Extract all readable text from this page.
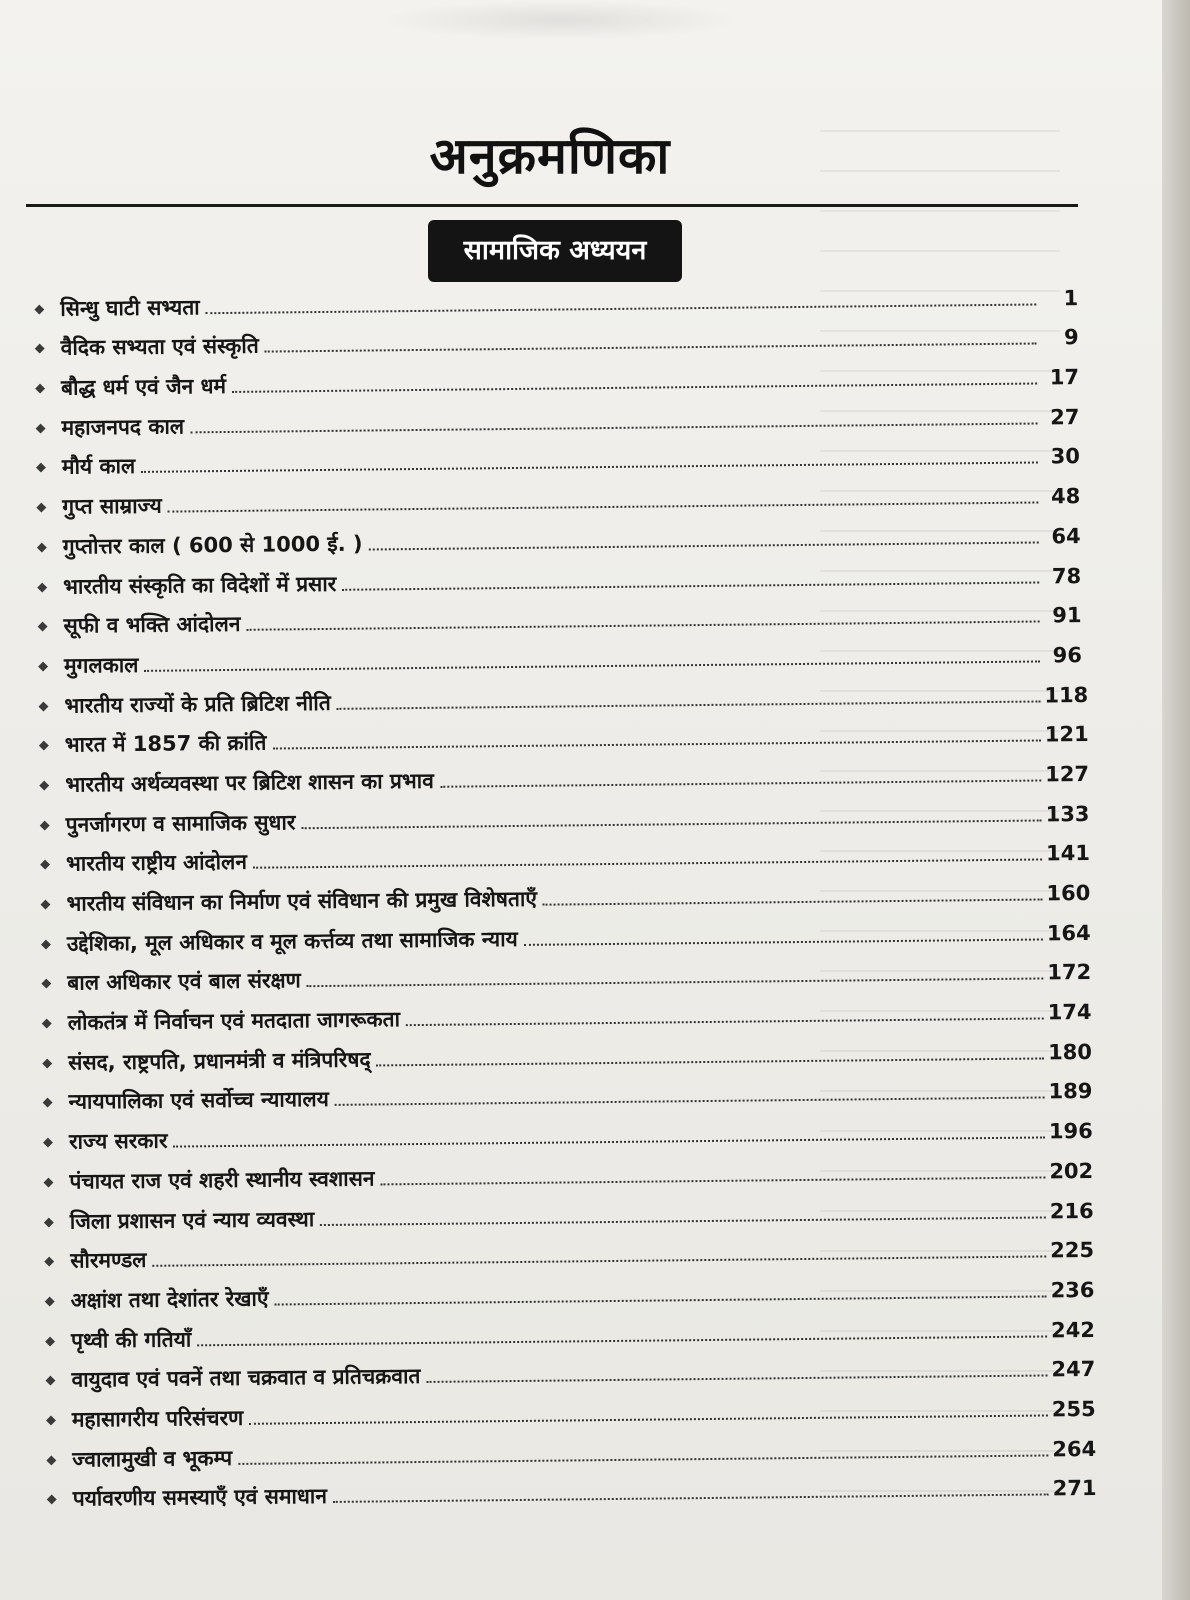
अनुक्रमणिका
सामाजिक अध्ययन
◆ सिन्धु घाटी सभ्यता	1
◆ वैदिक सभ्यता एवं संस्कृति	9
◆ बौद्ध धर्म एवं जैन धर्म	17
◆ महाजनपद काल	27
◆ मौर्य काल	30
◆ गुप्त साम्राज्य	48
◆ गुप्तोत्तर काल ( 600 से 1000 ई. )	64
◆ भारतीय संस्कृति का विदेशों में प्रसार	78
◆ सूफी व भक्ति आंदोलन	91
◆ मुगलकाल	96
◆ भारतीय राज्यों के प्रति ब्रिटिश नीति	118
◆ भारत में 1857 की क्रांति	121
◆ भारतीय अर्थव्यवस्था पर ब्रिटिश शासन का प्रभाव	127
◆ पुनर्जागरण व सामाजिक सुधार	133
◆ भारतीय राष्ट्रीय आंदोलन	141
◆ भारतीय संविधान का निर्माण एवं संविधान की प्रमुख विशेषताएँ	160
◆ उद्देशिका, मूल अधिकार व मूल कर्त्तव्य तथा सामाजिक न्याय	164
◆ बाल अधिकार एवं बाल संरक्षण	172
◆ लोकतंत्र में निर्वाचन एवं मतदाता जागरूकता	174
◆ संसद, राष्ट्रपति, प्रधानमंत्री व मंत्रिपरिषद्	180
◆ न्यायपालिका एवं सर्वोच्च न्यायालय	189
◆ राज्य सरकार	196
◆ पंचायत राज एवं शहरी स्थानीय स्वशासन	202
◆ जिला प्रशासन एवं न्याय व्यवस्था	216
◆ सौरमण्डल	225
◆ अक्षांश तथा देशांतर रेखाएँ	236
◆ पृथ्वी की गतियाँ	242
◆ वायुदाव एवं पवनें तथा चक्रवात व प्रतिचक्रवात	247
◆ महासागरीय परिसंचरण	255
◆ ज्वालामुखी व भूकम्प	264
◆ पर्यावरणीय समस्याएँ एवं समाधान	271
